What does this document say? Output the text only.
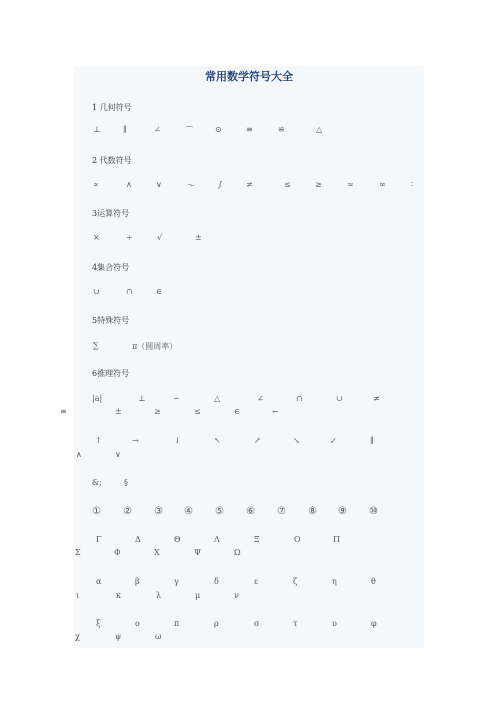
常用数学符号大全
1 几何符号
⊥	∥	∠	⌒	⊙	≡	≌	△
2 代数符号
∝	∧	∨	～	∫	≠	≤	≥	≈	∞	∶
3运算符号
×	÷	√	±
4集合符号
∪	∩	∈
5特殊符号
∑	π（圆周率）
6推理符号
|a|	⊥	∽	△	∠	∩	∪	≠
≡	±	≥	≤	∈	←
↑	→	↓	↖	↗	↘	↙	∥
∧	∨
&;	§
① ② ③ ④ ⑤ ⑥ ⑦ ⑧ ⑨ ⑩
Γ	Δ	Θ	Λ	Ξ	Ο	Π
Σ	Φ	Χ	Ψ	Ω
α	β	γ	δ	ε	ζ	η	θ
ι	κ	λ	μ	ν
ξ	ο	π	ρ	σ	τ	υ	φ
χ	ψ	ω
